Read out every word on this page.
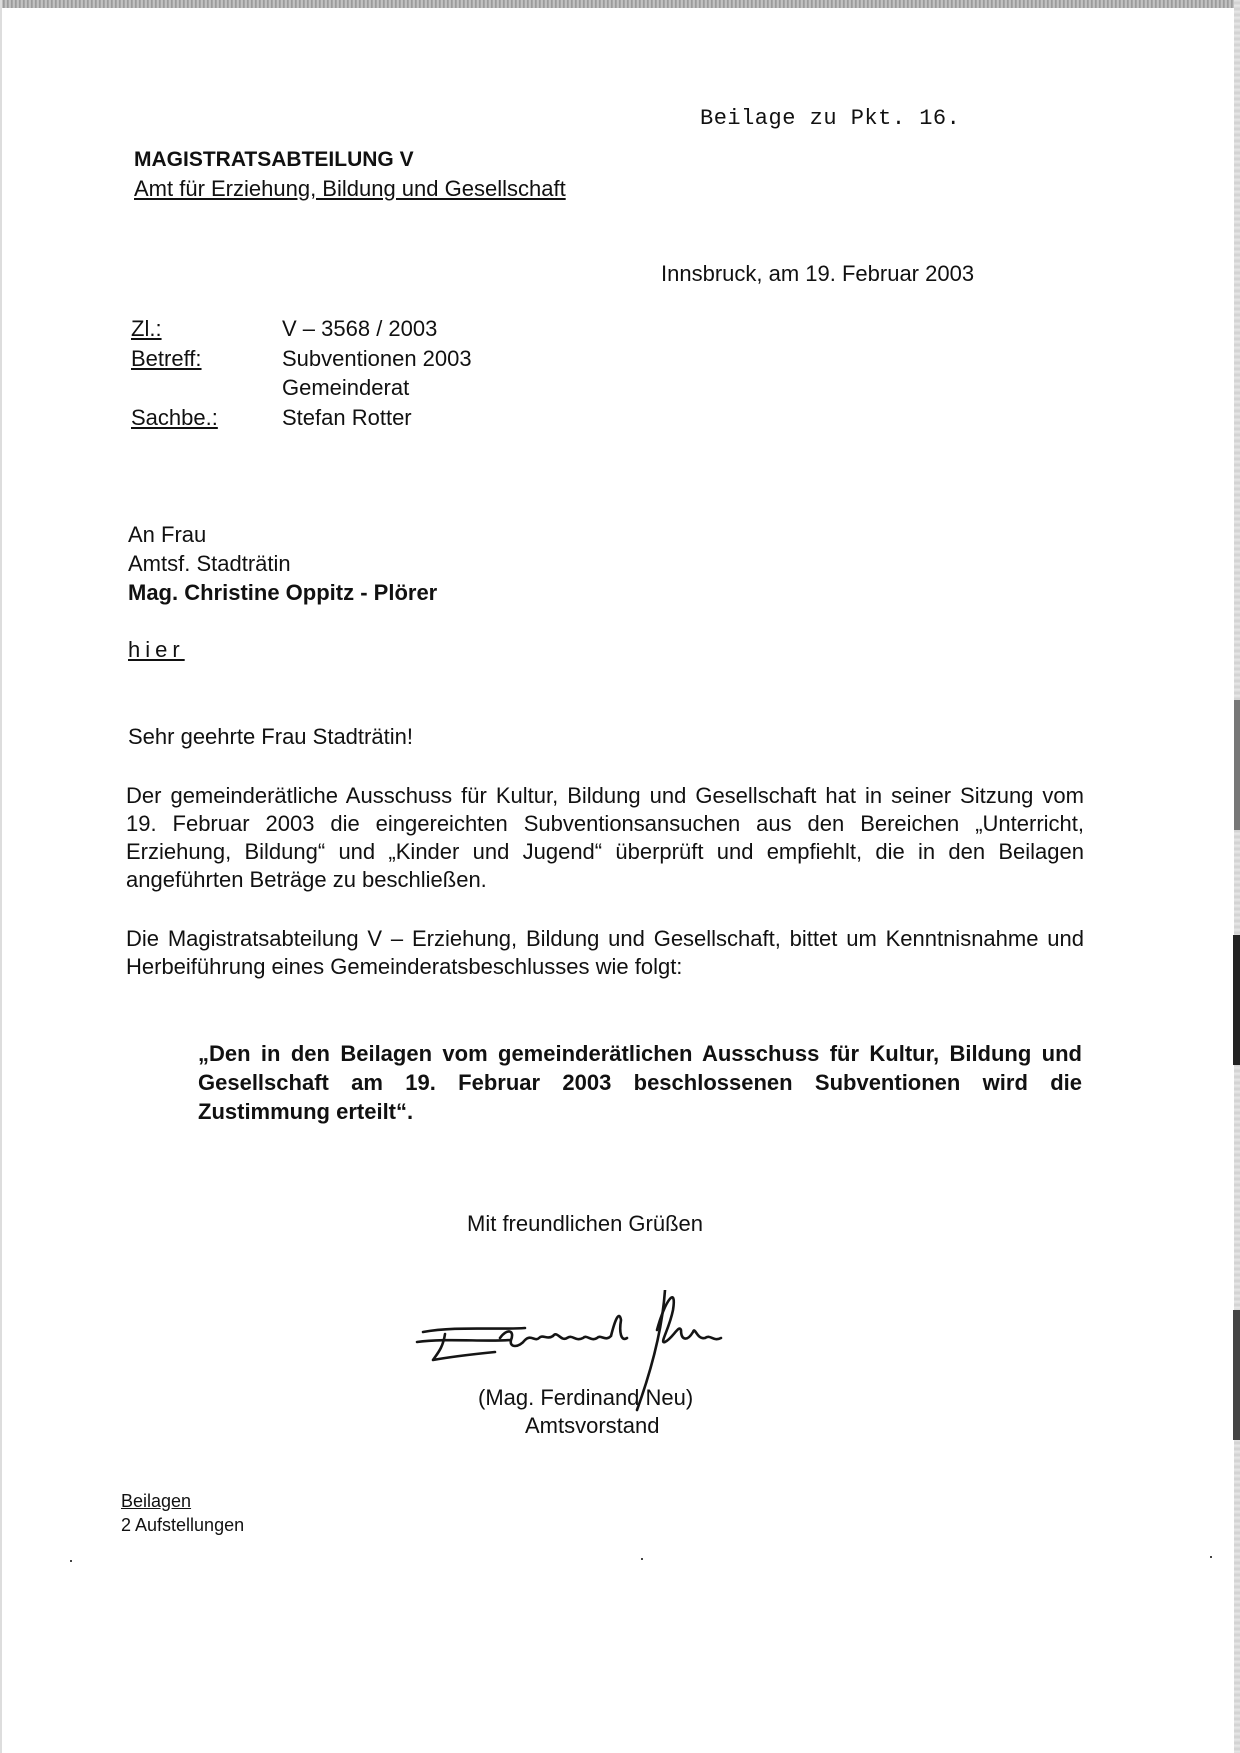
Beilage zu Pkt. 16.
MAGISTRATSABTEILUNG V
Amt für Erziehung, Bildung und Gesellschaft
Innsbruck, am 19. Februar 2003
Zl.:	V – 3568 / 2003
Betreff:	Subventionen 2003
Gemeinderat
Sachbe.:	Stefan Rotter
An Frau
Amtsf. Stadträtin
Mag. Christine Oppitz - Plörer
hier
Sehr geehrte Frau Stadträtin!

Der gemeinderätliche Ausschuss für Kultur, Bildung und Gesellschaft hat in seiner Sitzung vom 19. Februar 2003 die eingereichten Subventionsansuchen aus den Bereichen „Unterricht, Erziehung, Bildung“ und „Kinder und Jugend“ überprüft und empfiehlt, die in den Beilagen angeführten Beträge zu beschließen.

Die Magistratsabteilung V – Erziehung, Bildung und Gesellschaft, bittet um Kenntnisnahme und Herbeiführung eines Gemeinderatsbeschlusses wie folgt:

„Den in den Beilagen vom gemeinderätlichen Ausschuss für Kultur, Bildung und Gesellschaft am 19. Februar 2003 beschlossenen Subventionen wird die Zustimmung erteilt“.

Mit freundlichen Grüßen
(Mag. Ferdinand Neu)
Amtsvorstand
Beilagen
2 Aufstellungen
